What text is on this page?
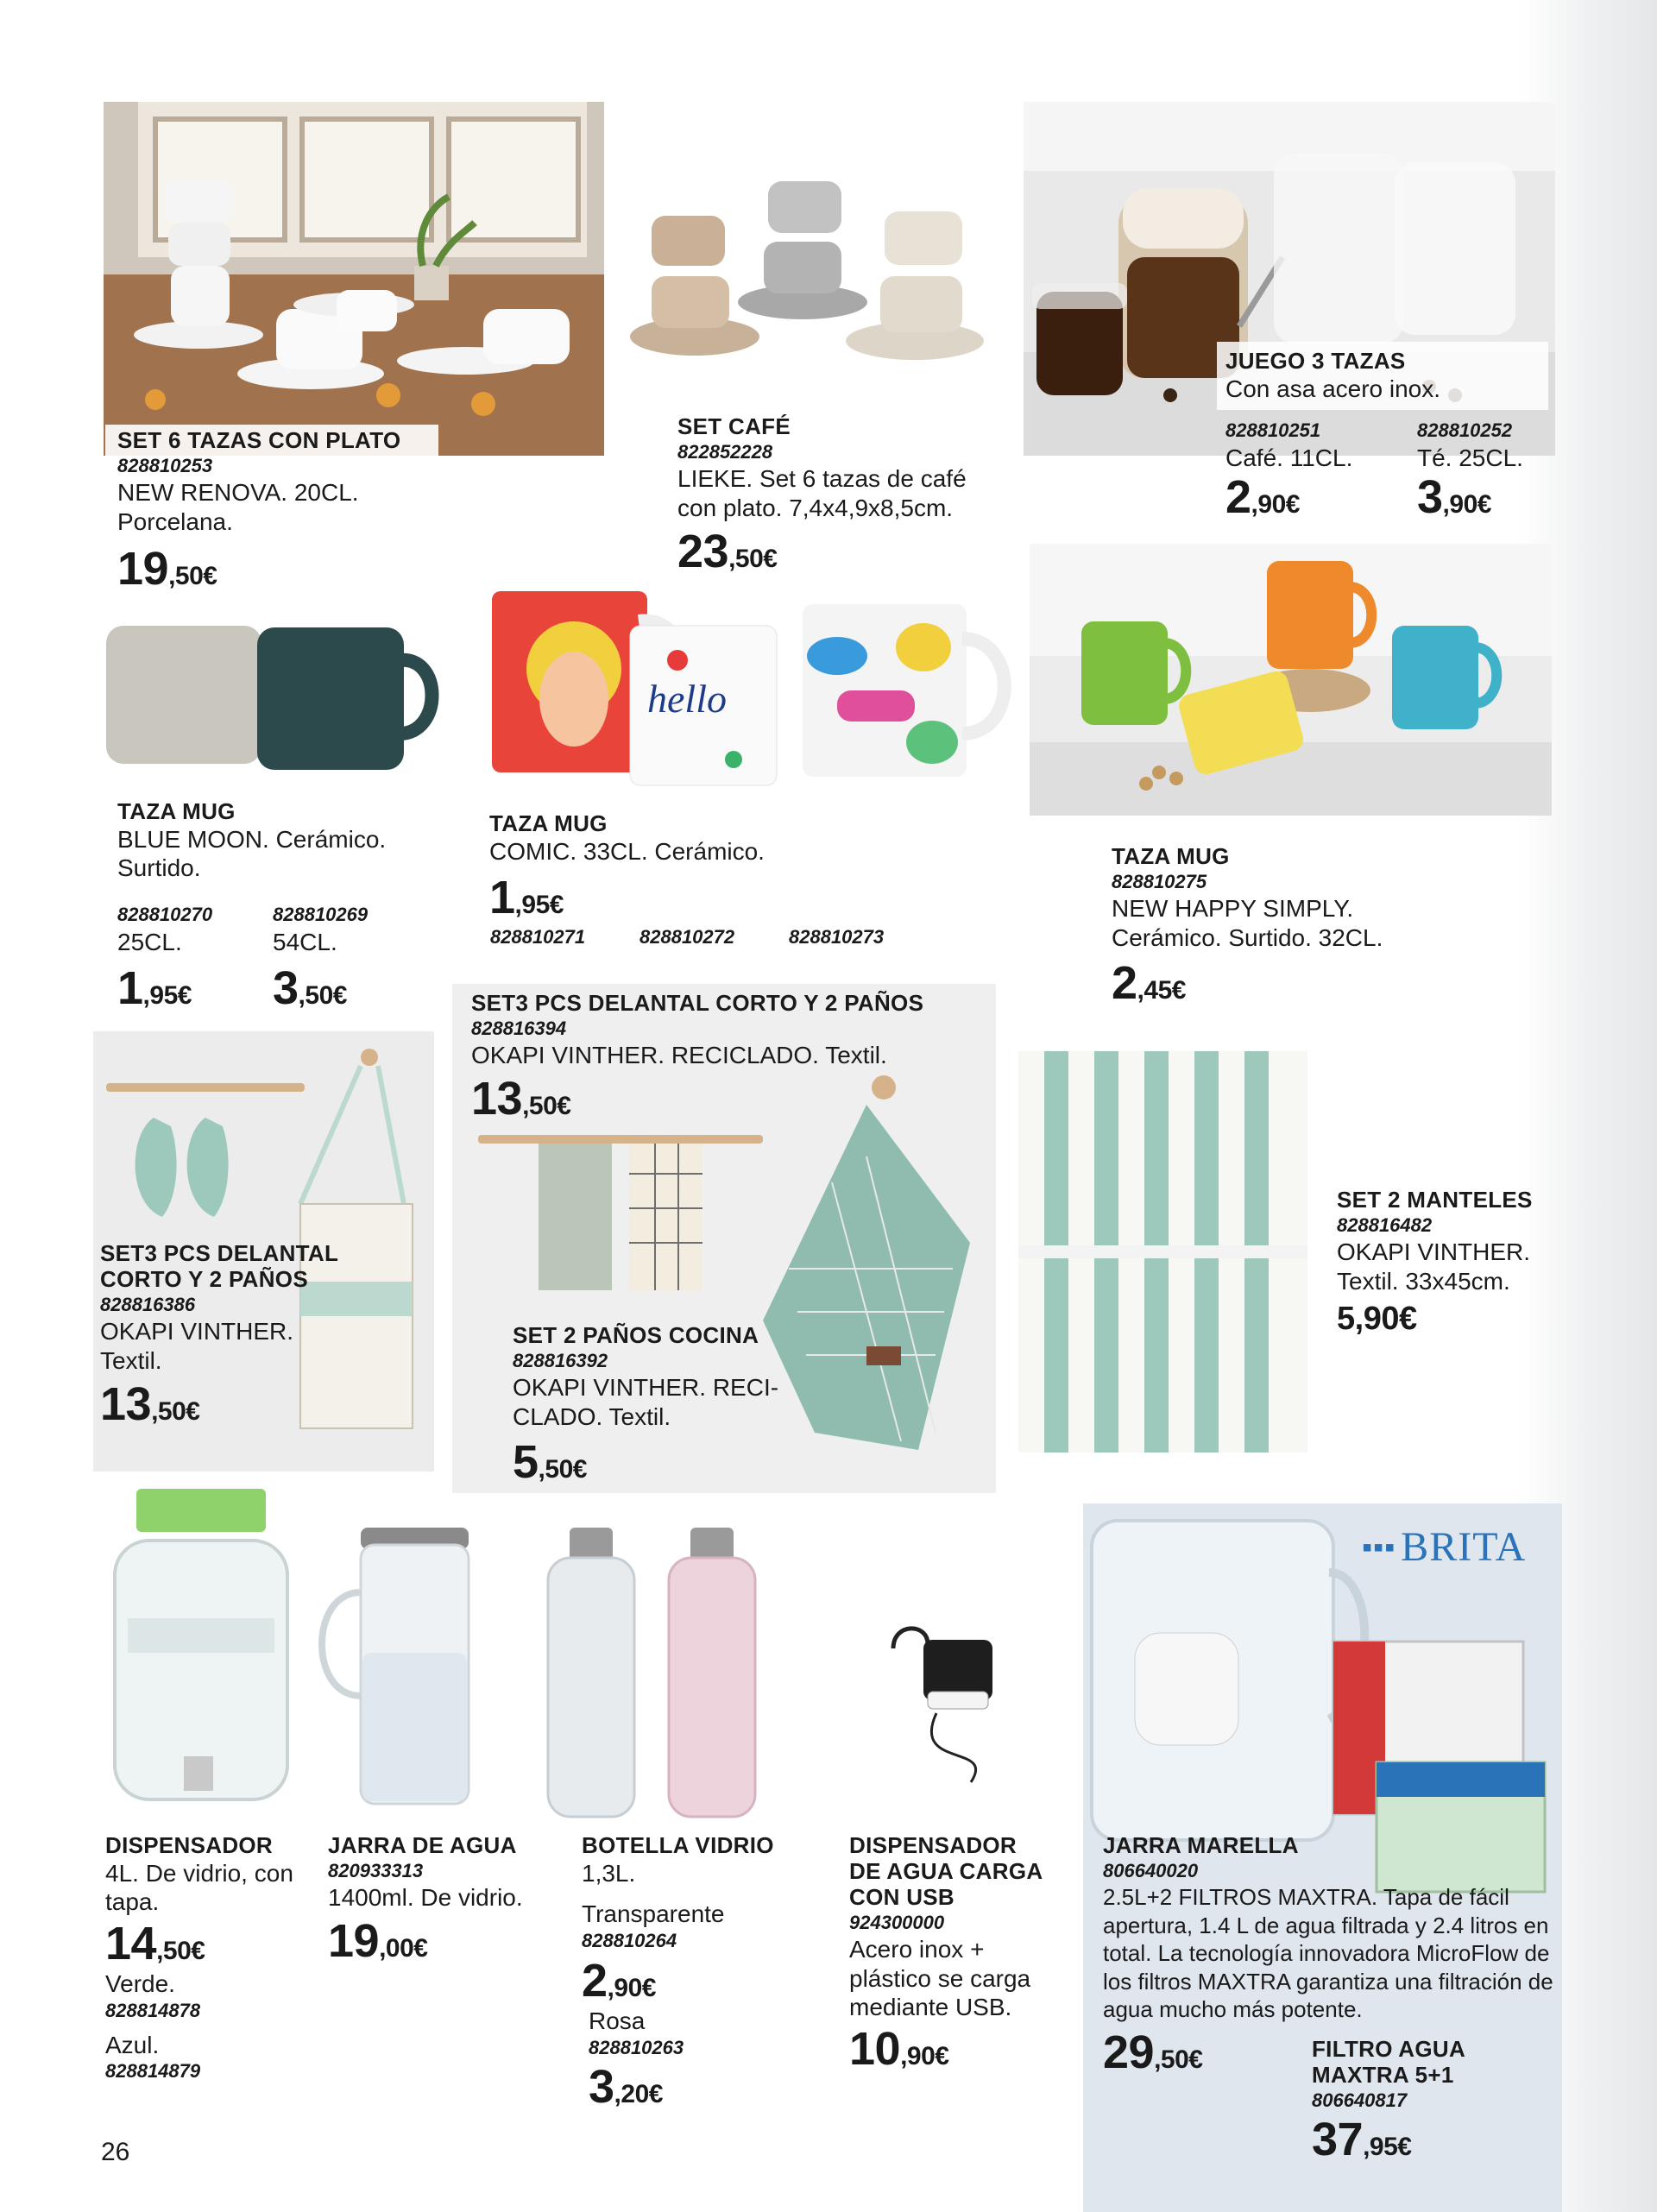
hello
▪▪▪ BRITA
SET 6 TAZAS CON PLATO
828810253
NEW RENOVA. 20CL.
Porcelana.
19,50€
SET CAFÉ
822852228
LIEKE. Set 6 tazas de café
con plato. 7,4x4,9x8,5cm.
23,50€
JUEGO 3 TAZAS
Con asa acero inox.
828810251
Café. 11CL.
2,90€
828810252
Té. 25CL.
3,90€
TAZA MUG
BLUE MOON. Cerámico.
Surtido.
828810270
25CL.
1,95€
828810269
54CL.
3,50€
TAZA MUG
COMIC. 33CL. Cerámico.
1,95€
828810271	828810272	828810273
TAZA MUG
828810275
NEW HAPPY SIMPLY.
Cerámico. Surtido. 32CL.
2,45€
SET3 PCS DELANTAL CORTO Y 2 PAÑOS
828816394
OKAPI VINTHER. RECICLADO. Textil.
13,50€
SET3 PCS DELANTAL
CORTO Y 2 PAÑOS
828816386
OKAPI VINTHER.
Textil.
13,50€
SET 2 PAÑOS COCINA
828816392
OKAPI VINTHER. RECI-
CLADO. Textil.
5,50€
SET 2 MANTELES
828816482
OKAPI VINTHER.
Textil. 33x45cm.
5,90€
DISPENSADOR
4L. De vidrio, con
tapa.
14,50€
Verde.
828814878
Azul.
828814879
JARRA DE AGUA
820933313
1400ml. De vidrio.
19,00€
BOTELLA VIDRIO
1,3L.
Transparente
828810264
2,90€
Rosa
828810263
3,20€
DISPENSADOR
DE AGUA CARGA
CON USB
924300000
Acero inox +
plástico se carga
mediante USB.
10,90€
JARRA MARELLA
806640020
2.5L+2 FILTROS MAXTRA. Tapa de fácil
apertura, 1.4 L de agua filtrada y 2.4 litros en
total. La tecnología innovadora MicroFlow de
los filtros MAXTRA garantiza una filtración de
agua mucho más potente.
29,50€	FILTRO AGUA
MAXTRA 5+1
806640817
37,95€
26
